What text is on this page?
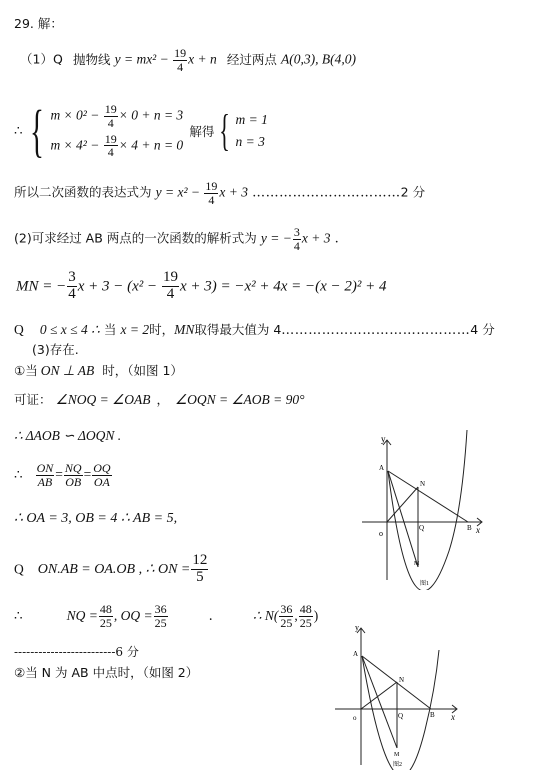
29. 解：
（1）Q 抛物线 $y = mx^2 - \frac{19}{4}$ x + n 经过两点 A(0,3), B(4,0)
∴ { $m \times 0^2 - \frac{19}{4} \times 0 + n = 3$
$m \times 4^2 - \frac{19}{4} \times 4 + n = 0$
解得 { m = 1
n = 3
所以二次函数的表达式为 $y = x^2 - \frac{19}{4}$ x + 3 ……………………………2 分
(2)可求经过 AB 两点的一次函数的解析式为 y = − $\frac{3}{4}$ x + 3 .
MN = − $\frac{3}{4}$ $x + 3 - (x^2 - \frac{19}{4}$ x + 3) = −x² + 4x = −(x − 2)² + 4
Q 0 ≤ x ≤ 4 ∴ 当 x = 2时，MN取得最大值为 4……………………………………4 分
(3)存在.
①当 ON ⊥ AB 时，（如图 1）
可证： ∠NOQ = ∠OAB ， ∠OQN = ∠AOB = 90°
∴ ΔAOB ∽ ΔOQN .
∴ $\frac{ON}{AB} = \frac{NQ}{OB} = \frac{OQ}{OA}$
∴ OA = 3, OB = 4 ∴ AB = 5,
Q ON.AB = OA.OB , ∴ ON = $\frac{12}{5}$
∴	NQ = $\frac{48}{25}$ , OQ = $\frac{36}{25}$	.	∴ $N( \frac{36}{25}$ , $\frac{48}{25}$ )
-------------------------6 分
②当 N 为 AB 中点时，（如图 2）
y
x
o
A
B
N
Q
M
图1
y
x
o
A
B
N
Q
M
图2
